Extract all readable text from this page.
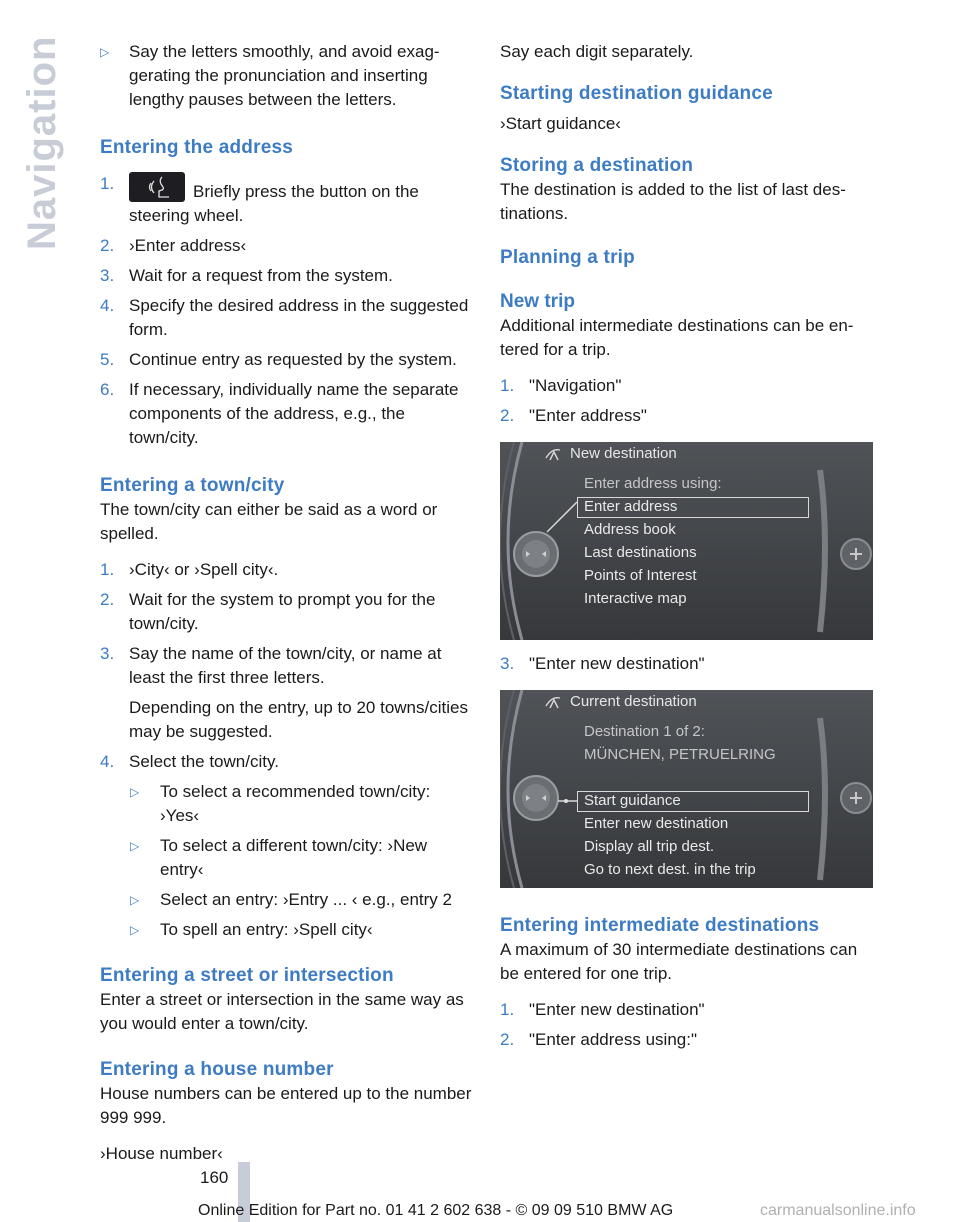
Navigation	▷ Say the letters smoothly, and avoid exaggerating the pronunciation and inserting lengthy pauses between the letters.

Entering the address

1.	Briefly press the button on the steering wheel.
2. ›Enter address‹
3. Wait for a request from the system.
4. Specify the desired address in the suggested form.
5. Continue entry as requested by the system.
6. If necessary, individually name the separate components of the address, e.g., the town/city.

Entering a town/city

The town/city can either be said as a word or spelled.

1. ›City‹ or ›Spell city‹.
2. Wait for the system to prompt you for the town/city.
3. Say the name of the town/city, or name at least the first three letters.
Depending on the entry, up to 20 towns/cities may be suggested.
4. Select the town/city.
▷ To select a recommended town/city: ›Yes‹
▷ To select a different town/city: ›New entry‹
▷ Select an entry: ›Entry ... ‹ e.g., entry 2
▷ To spell an entry: ›Spell city‹

Entering a street or intersection

Enter a street or intersection in the same way as you would enter a town/city.

Entering a house number

House numbers can be entered up to the number 999 999.

›House number‹

Say each digit separately.

Starting destination guidance

›Start guidance‹

Storing a destination

The destination is added to the list of last destinations.

Planning a trip

New trip

Additional intermediate destinations can be entered for a trip.

1. "Navigation"
2. "Enter address"
New destination
Enter address using:
Enter address
Address book
Last destinations
Points of Interest
Interactive map
3. "Enter new destination"
Current destination
Destination 1 of 2:
MÜNCHEN, PETRUELRING
Start guidance
Enter new destination
Display all trip dest.
Go to next dest. in the trip

Entering intermediate destinations

A maximum of 30 intermediate destinations can be entered for one trip.

1. "Enter new destination"
2. "Enter address using:"
160
Online Edition for Part no. 01 41 2 602 638 - © 09 09 510 BMW AG	carmanualsonline.info
